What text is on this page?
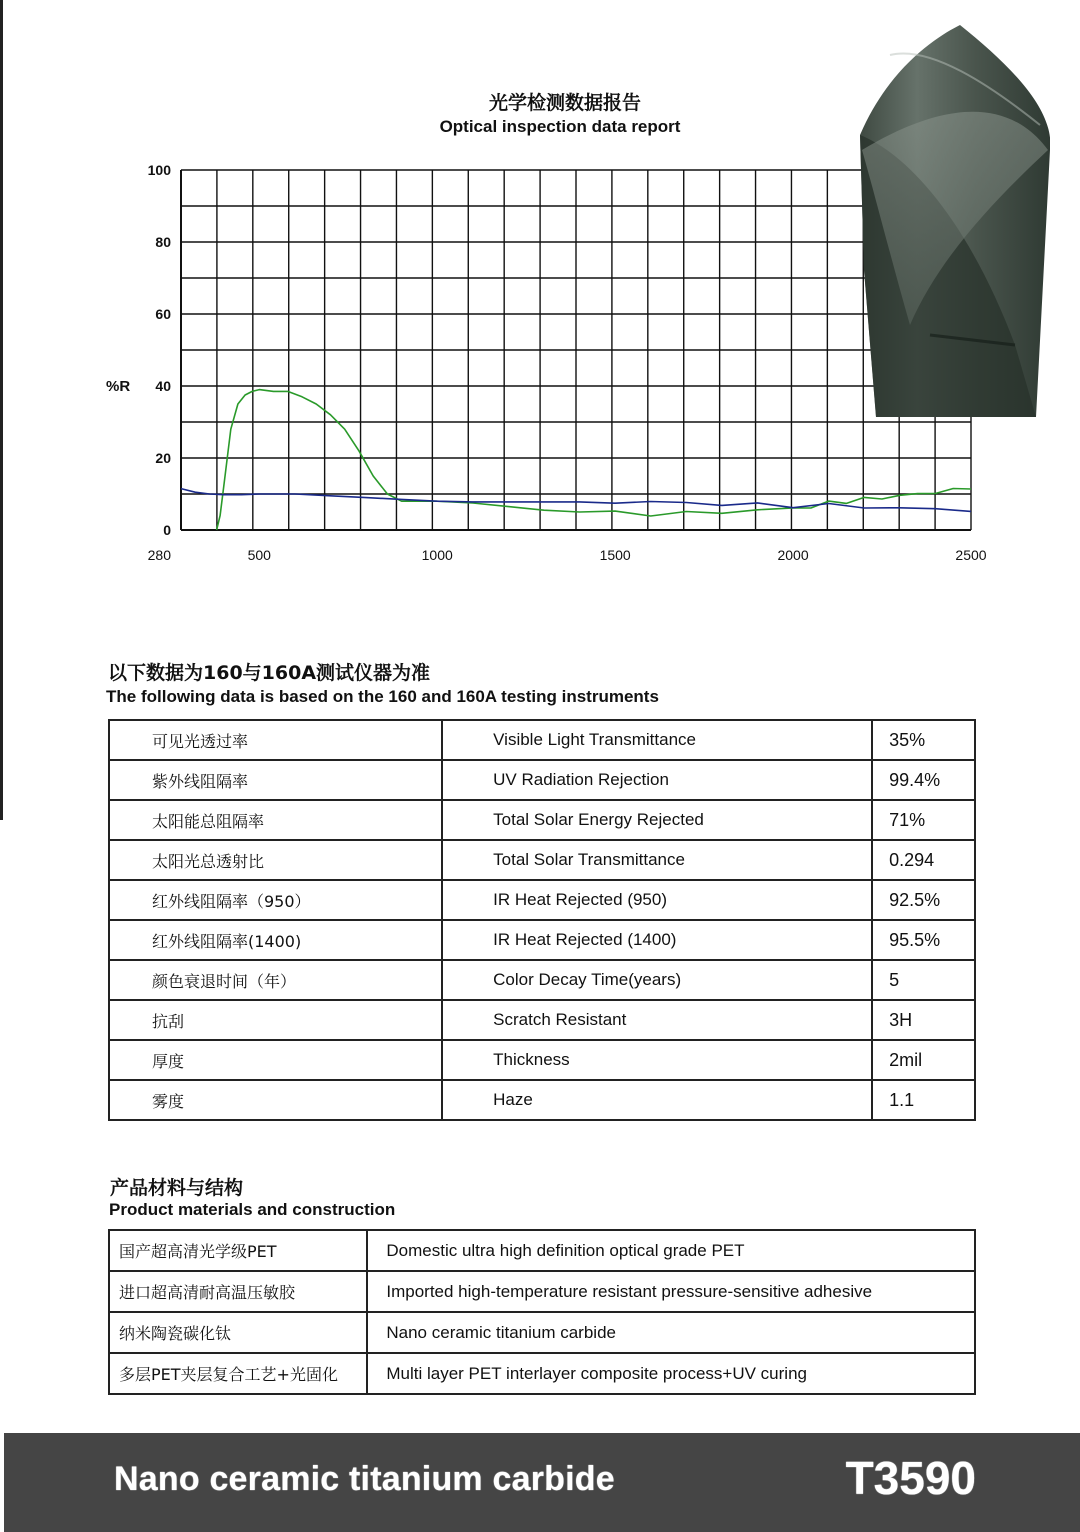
光学检测数据报告
Optical inspection data report
0
20
40
60
80
100
%R
280	500	1000	1500	2000	2500
以下数据为160与160A测试仪器为准
The following data is based on the 160 and 160A testing instruments
可见光透过率	Visible Light Transmittance	35%
紫外线阻隔率	UV Radiation Rejection	99.4%
太阳能总阻隔率	Total Solar Energy Rejected	71%
太阳光总透射比	Total Solar Transmittance	0.294
红外线阻隔率（950）	IR Heat Rejected (950)	92.5%
红外线阻隔率(1400)	IR Heat Rejected (1400)	95.5%
颜色衰退时间（年）	Color Decay Time(years)	5
抗刮	Scratch Resistant	3H
厚度	Thickness	2mil
雾度	Haze	1.1
产品材料与结构
Product materials and construction
国产超高清光学级PET	Domestic ultra high definition optical grade PET
进口超高清耐高温压敏胶	Imported high-temperature resistant pressure-sensitive adhesive
纳米陶瓷碳化钛	Nano ceramic titanium carbide
多层PET夹层复合工艺+光固化	Multi layer PET interlayer composite process+UV curing
Nano ceramic titanium carbide	T3590
